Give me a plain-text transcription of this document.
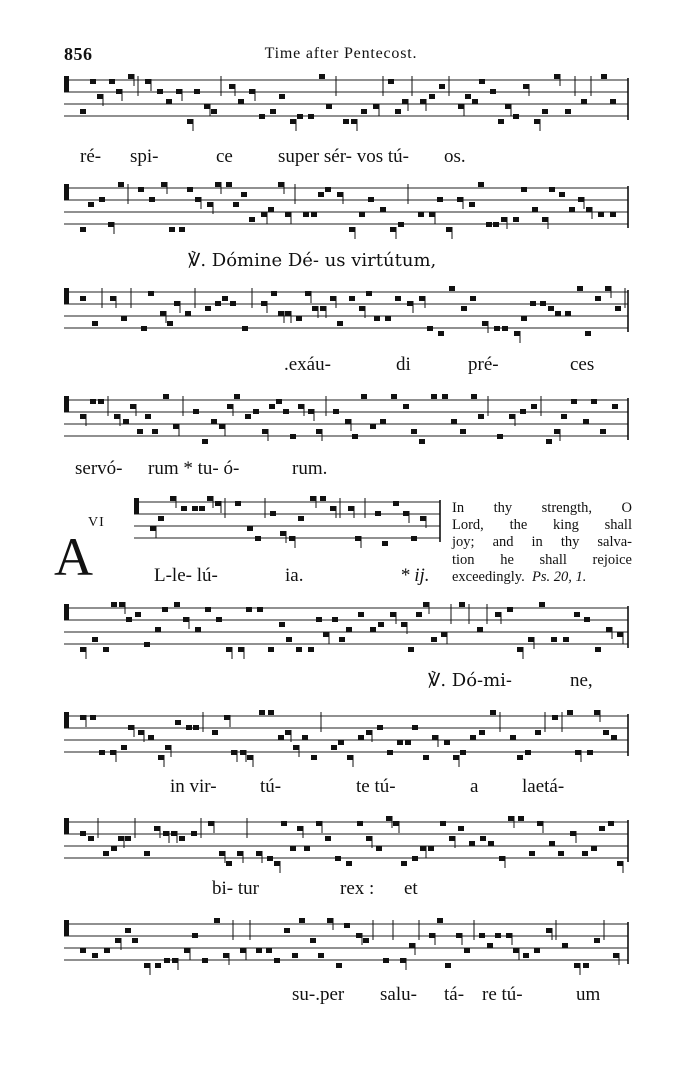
856	Time after Pentecost.
ré- spi-	ce super sér- vos tú- os.
℣. Dómine Dé- us virtútum,
.exáu-	di	pré-	ces
servó- rum * tu- ó-	rum.
VI
A	L-le- lú-	ia.	* ij.
In thy strength, O
Lord, the king shall
joy; and in thy salva-
tion he shall rejoice
exceedingly. Ps. 20, 1.
℣. Dó-mi-	ne,
in vir- tú-	te tú-	a laetá-
bi- tur	rex : et
su-.per salu- tá- re tú-	um
